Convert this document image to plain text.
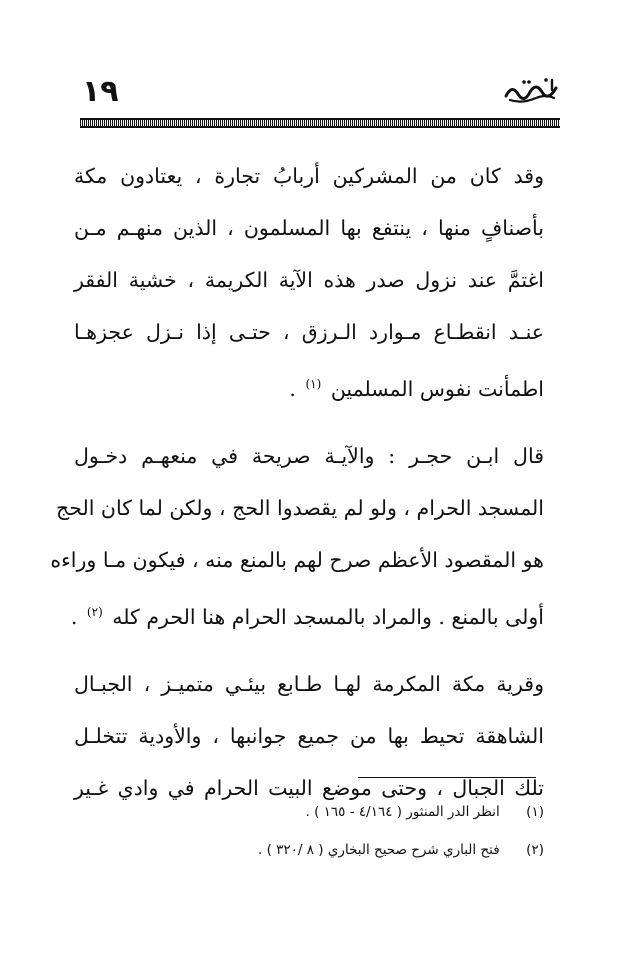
١٩
وقد كان من المشركين أربابُ تجارة ، يعتادون مكة
بأصنافٍ منها ، ينتفع بها المسلمون ، الذين منهـم مـن
اغتمَّ عند نزول صدر هذه الآية الكريمة ، خشية الفقر
عنـد انقطـاع مـوارد الـرزق ، حتـى إذا نـزل عجزهـا
اطمأنت نفوس المسلمين $^{(١)}$ .
قال ابـن حجـر : والآيـة صريحة في منعهـم دخـول
المسجد الحرام ، ولو لم يقصدوا الحج ، ولكن لما كان الحج
هو المقصود الأعظم صرح لهم بالمنع منه ، فيكون مـا وراءه
أولى بالمنع . والمراد بالمسجد الحرام هنا الحرم كله $^{(٢)}$ .
وقرية مكة المكرمة لهـا طـابع بيئـي متميـز ، الجبـال
الشاهقة تحيط بها من جميع جوانبها ، والأودية تتخلـل
تلك الجبال ، وحتى موضع البيت الحرام في وادي غـير
(١) انظر الدر المنثور ( ٤/١٦٤ - ١٦٥ ) .
(٢) فتح الباري شرح صحيح البخاري ( ٨ /٣٢٠ ) .
